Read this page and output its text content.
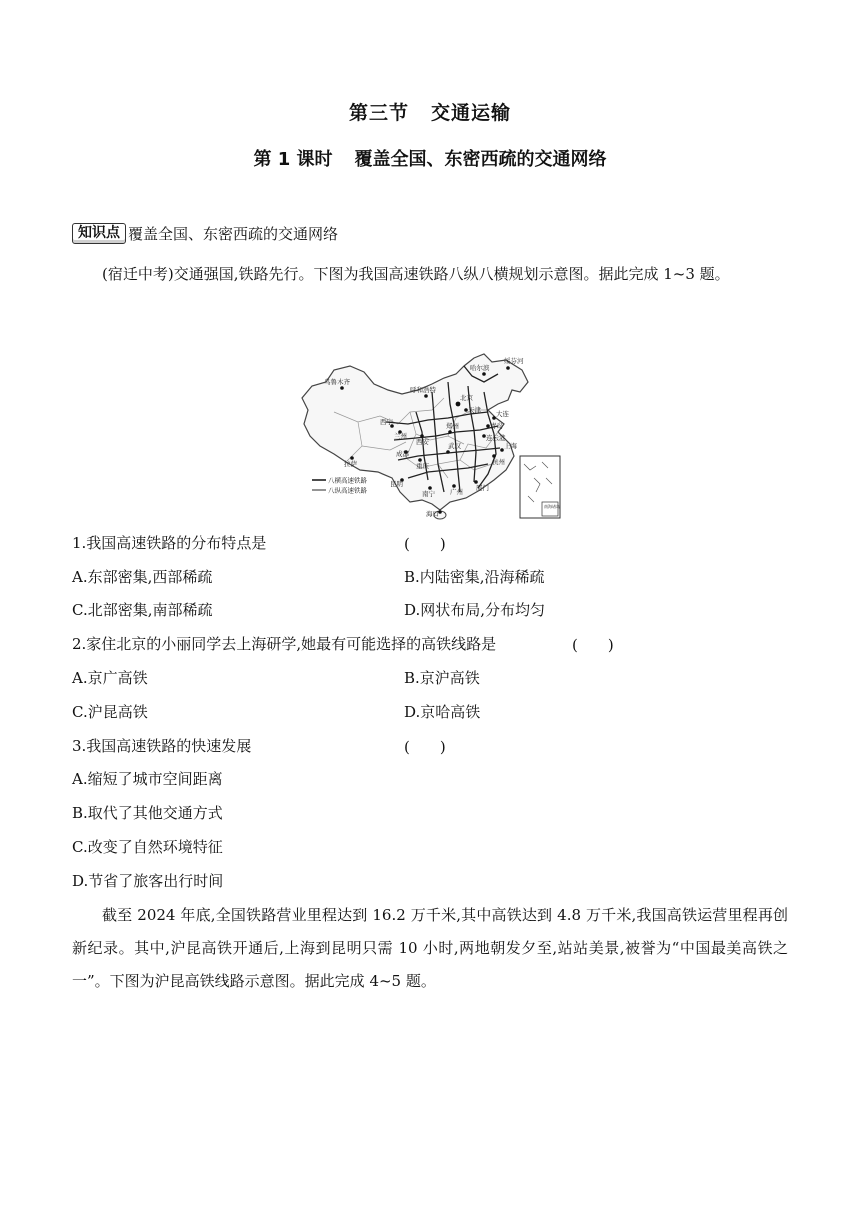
第三节 交通运输
第 1 课时 覆盖全国、东密西疏的交通网络
知识点 覆盖全国、东密西疏的交通网络

(宿迁中考)交通强国,铁路先行。下图为我国高速铁路八纵八横规划示意图。据此完成 1~3 题。

哈尔滨
绥芬河
乌鲁木齐
呼和浩特
北京
天津 大连
青岛
连云港
西宁
兰州
西安
郑州
上海
拉萨
成都
重庆
武汉
杭州
昆明
南宁 广州 厦门
海口
八横高速铁路
八纵高速铁路
南海诸岛
1.我国高速铁路的分布特点是	(　　)
A.东部密集,西部稀疏	B.内陆密集,沿海稀疏
C.北部密集,南部稀疏	D.网状布局,分布均匀
2.家住北京的小丽同学去上海研学,她最有可能选择的高铁线路是	(　　)
A.京广高铁	B.京沪高铁
C.沪昆高铁	D.京哈高铁
3.我国高速铁路的快速发展	(　　)
A.缩短了城市空间距离
B.取代了其他交通方式
C.改变了自然环境特征
D.节省了旅客出行时间

截至 2024 年底,全国铁路营业里程达到 16.2 万千米,其中高铁达到 4.8 万千米,我国高铁运营里程再创新纪录。其中,沪昆高铁开通后,上海到昆明只需 10 小时,两地朝发夕至,站站美景,被誉为“中国最美高铁之一”。下图为沪昆高铁线路示意图。据此完成 4~5 题。
